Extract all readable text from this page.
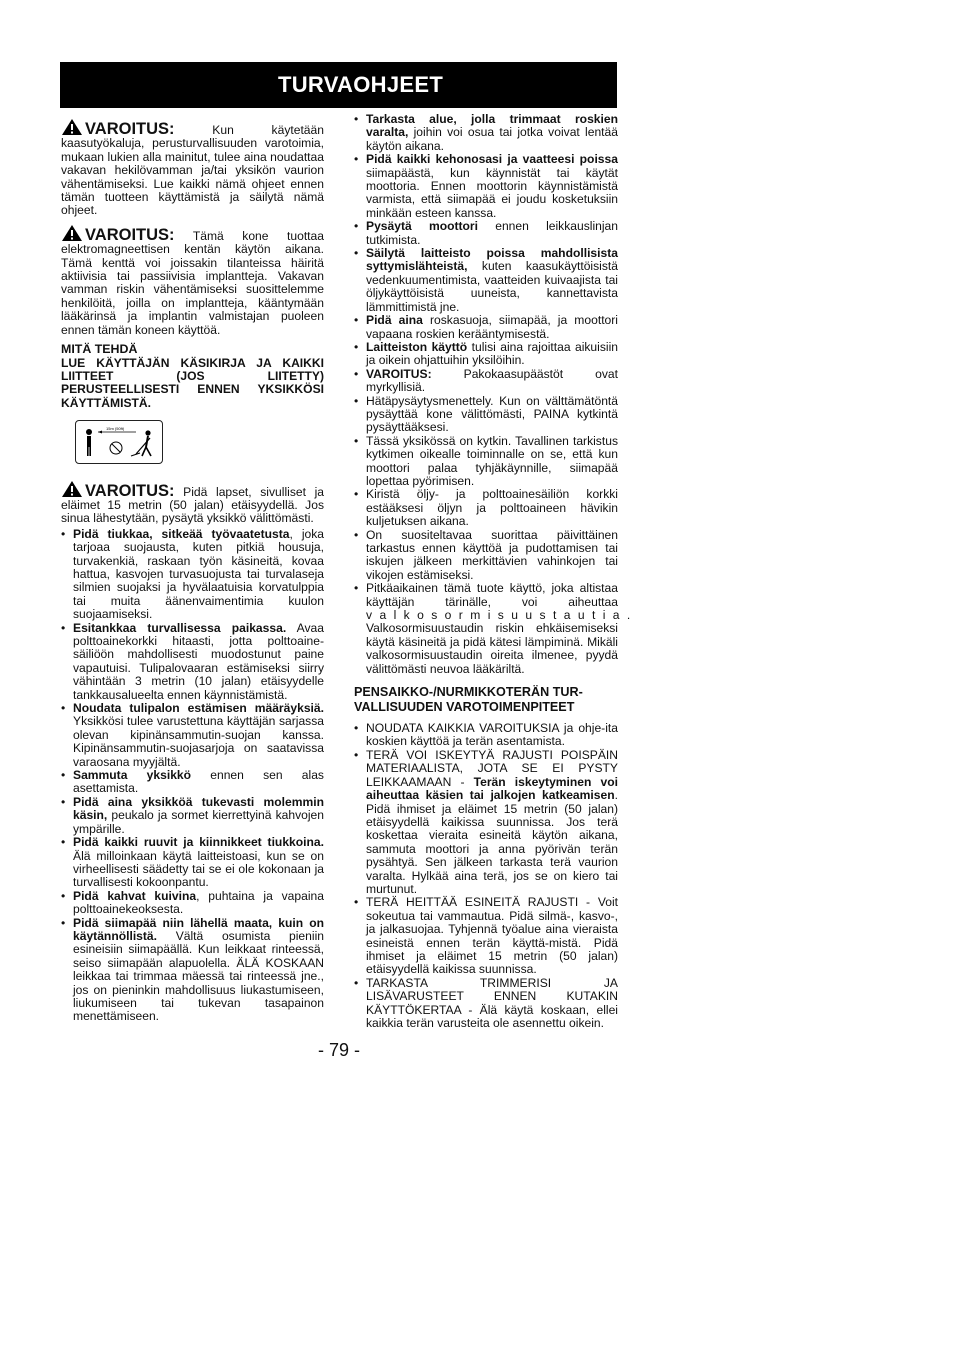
TURVAOHJEET

VAROITUS:	Kun käytetään kaasutyökaluja, perusturvallisuuden varotoimia, mukaan lukien alla mainitut, tulee aina noudattaa vakavan hekilövamman ja/tai yksikön vaurion vähentämiseksi. Lue kaikki nämä ohjeet ennen tämän tuotteen käyttämistä ja säilytä nämä ohjeet.

VAROITUS: Tämä kone tuottaa elektromagneettisen kentän käytön aikana. Tämä kenttä voi joissakin tilanteissa häiritä aktiivisia tai passiivisia implantteja. Vakavan vamman riskin vähentämiseksi suosittelemme henkilöitä, joilla on implantteja, kääntymään lääkärinsä ja implantin valmistajan puoleen ennen tämän koneen käyttöä.

MITÄ TEHDÄ

LUE KÄYTTÄJÄN KÄSIKIRJA JA KAIKKI LIITTEET (JOS LIITETTY) PERUSTEELLISESTI ENNEN YKSIKKÖSI KÄYTTÄMISTÄ.

15m (50ft)

VAROITUS: Pidä lapset, sivulliset ja eläimet 15 metrin (50 jalan) etäisyydellä. Jos sinua lähestytään, pysäytä yksikkö välittömästi.

• Pidä tiukkaa, sitkeää työvaatetusta, joka tarjoaa suojausta, kuten pitkiä housuja, turvakenkiä, raskaan työn käsineitä, kovaa hattua, kasvojen turvasuojusta tai turvalaseja silmien suojaksi ja hyvälaatuisia korvatulppia tai muita äänenvaimentimia kuulon suojaamiseksi.
• Esitankkaa turvallisessa paikassa. Avaa polttoainekorkki hitaasti, jotta polttoaine-säiliöön mahdollisesti muodostunut paine vapautuisi. Tulipalovaaran estämiseksi siirry vähintään 3 metrin (10 jalan) etäisyydelle tankkausalueelta ennen käynnistämistä.
• Noudata tulipalon estämisen määräyksiä. Yksikkösi tulee varustettuna käyttäjän sarjassa olevan kipinänsammutin-suojan kanssa. Kipinänsammutin-suojasarjoja on saatavissa varaosana myyjältä.
• Sammuta yksikkö ennen sen alas asettamista.
• Pidä aina yksikköä tukevasti molemmin käsin, peukalo ja sormet kierrettyinä kahvojen ympärille.
• Pidä kaikki ruuvit ja kiinnikkeet tiukkoina. Älä milloinkaan käytä laitteistoasi, kun se on virheellisesti säädetty tai se ei ole kokonaan ja turvallisesti kokoonpantu.
• Pidä kahvat kuivina, puhtaina ja vapaina polttoainekeoksesta.
• Pidä siimapää niin lähellä maata, kuin on käytännöllistä. Vältä osumista pieniin esineisiin siimapäällä. Kun leikkaat rinteessä, seiso siimapään alapuolella. ÄLÄ KOSKAAN leikkaa tai trimmaa mäessä tai rinteessä jne., jos on pieninkin mahdollisuus liukastumiseen, liukumiseen tai tukevan tasapainon menettämiseen.
• Tarkasta alue, jolla trimmaat roskien varalta, joihin voi osua tai jotka voivat lentää käytön aikana.
• Pidä kaikki kehonosasi ja vaatteesi poissa siimapäästä, kun käynnistät tai käytät moottoria. Ennen moottorin käynnistämistä varmista, että siimapää ei joudu kosketuksiin minkään esteen kanssa.
• Pysäytä moottori ennen leikkauslinjan tutkimista.
• Säilytä laitteisto poissa mahdollisista syttymislähteistä, kuten kaasukäyttöisistä vedenkuumentimista, vaatteiden kuivaajista tai öljykäyttöisistä uuneista, kannettavista lämmittimistä jne.
• Pidä aina roskasuoja, siimapää, ja moottori vapaana roskien kerääntymisestä.
• Laitteiston käyttö tulisi aina rajoittaa aikuisiin ja oikein ohjattuihin yksilöihin.
• VAROITUS: Pakokaasupäästöt ovat myrkyllisiä.
• Hätäpysäytysmenettely. Kun on välttämätöntä pysäyttää kone välittömästi, PAINA kytkintä pysäyttääksesi.
• Tässä yksikössä on kytkin. Tavallinen tarkistus kytkimen oikealle toiminnalle on se, että kun moottori palaa tyhjäkäynnille, siimapää lopettaa pyörimisen.
• Kiristä öljy- ja polttoainesäiliön korkki estääksesi öljyn ja polttoaineen hävikin kuljetuksen aikana.
• On suositeltavaa suorittaa päivittäinen tarkastus ennen käyttöä ja pudottamisen tai iskujen jälkeen merkittävien vahinkojen tai vikojen estämiseksi.
• Pitkäaikainen tämä tuote käyttö, joka altistaa käyttäjän tärinälle, voi aiheuttaa valkosormisuustautia. Valkosormisuustaudin riskin ehkäisemiseksi käytä käsineitä ja pidä kätesi lämpiminä. Mikäli valkosormisuustaudin oireita ilmenee, pyydä välittömästi neuvoa lääkäriltä.

PENSAIKKO-/NURMIKKOTERÄN TUR-VALLISUUDEN VAROTOIMENPITEET

• NOUDATA KAIKKIA VAROITUKSIA ja ohje-ita koskien käyttöä ja terän asentamista.
• TERÄ VOI ISKEYTYÄ RAJUSTI POISPÄIN MATERIAALISTA, JOTA SE EI PYSTY LEIKKAAMAAN - Terän iskeytyminen voi aiheuttaa käsien tai jalkojen katkeamisen. Pidä ihmiset ja eläimet 15 metrin (50 jalan) etäisyydellä kaikissa suunnissa. Jos terä koskettaa vieraita esineitä käytön aikana, sammuta moottori ja anna pyörivän terän pysähtyä. Sen jälkeen tarkasta terä vaurion varalta. Hylkää aina terä, jos se on kiero tai murtunut.
• TERÄ HEITTÄÄ ESINEITÄ RAJUSTI - Voit sokeutua tai vammautua. Pidä silmä-, kasvo-, ja jalkasuojaa. Tyhjennä työalue aina vieraista esineistä ennen terän käyttä-mistä. Pidä ihmiset ja eläimet 15 metrin (50 jalan) etäisyydellä kaikissa suunnissa.
• TARKASTA TRIMMERISI JA LISÄVARUSTEET ENNEN KUTAKIN KÄYTTÖKERTAA - Älä käytä koskaan, ellei kaikkia terän varusteita ole asennettu oikein.
- 79 -
